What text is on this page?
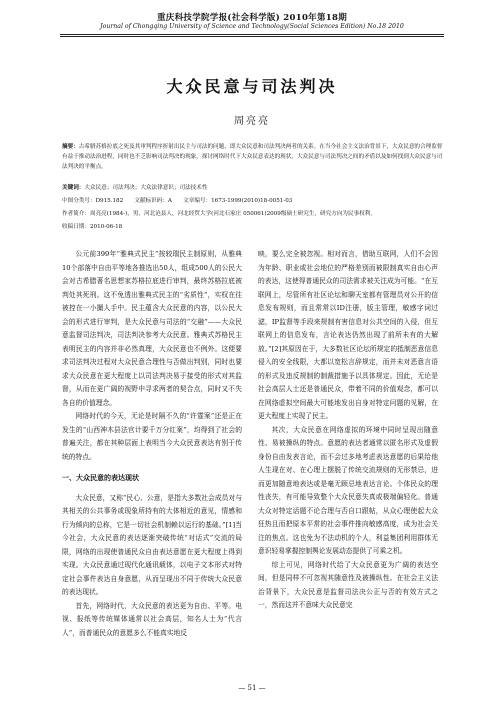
重庆科技学院学报(社会科学版) 2010年第18期
Journal of Chongqing University of Science and Technology(Social Sciences Edition) No.18 2010
大众民意与司法判决
周亮亮
摘要：古希腊苏格拉底之死及其审判程序折射出民主与司法的问题，即大众民意和司法判决两者的关系。在当今社会主义法治背景下，大众民意的合理监督有益于推动法治进程，同时也不乏影响司法判决的现象。探讨网络时代下大众民意表达的现状，大众民意与司法判决之间的矛盾以及如何找到大众民意与司法判决的平衡点。
关键词：大众民意；司法判决；大众法律意识；司法技术性
中图分类号：D915.182　　文献标识码：A　　文章编号：1673-1999(2010)18-0051-03
作者简介：周亮亮(1984-)，男，河北沧县人，河北经贸大学(河北石家庄 050061)2009级硕士研究生，研究方向为民事权利。
收稿日期：2010-06-18

公元前399年“雅典式民主”按较瑞民主制原则，从雅典10个部落中自由平等地各推选出50人，组成500人的公民大会对古希腊著名思想家苏格拉底进行审判，最终苏格拉底被判处其死刑。这不免透出雅典式民主的“劣质性”，实权在往被控在一小撮人手中。民主蕴含大众民意的内容，以公民大会的形式进行审判，是大众民意与司法的“交融”——大众民意监督司法判决，司法判决参考大众民意。雅典式苏格民主表明民主的内容并非必然真理，大众民意也不例外。这便要求司法判决过程对大众民意合理性与否做出判别，同时也要求大众民意在更大程度上以司法判决易于接受的形式对其监督，从而在更广阔的视野中寻求两者的契合点，同时又不失各自的价值理念。

网络时代的今天，无论是时隔不久的“许霆案”还是正在发生的“山西神木县法官计要千万分红案”，均得到了社会的普遍关注，都在其种层面上表明当今大众民意表达有别于传统的特点。

一、大众民意的表达现状

大众民意，又称“民心、公意，是指大多数社会成员对与其相关的公共事务或现象所持有的大体相近的意见，情感和行为倾向的总称，它是一切社会机制赖以运行的基础。”[1]当今社会，大众民意的表达逐渐突破传统“对话式”交流的局限，网络的出现使普通民众自由表达意愿在更大程度上得到实现。大众民意通过现代化通讯载体，以电子文本形式对特定社会事件表达自身意愿，从而呈现出不同于传统大众民意的表达现状。

首先，网络时代，大众民意的表达更为自由、平等。电视、报纸等传统媒体通常以社会高层，知名人士为“代言人”，而普通民众的意愿多么不能真实地反

映，要么完全被忽视。相对而言，借助互联网，人们不会因为年龄、职业或社会地位的严格差别而被限制真实自由心声的表达，这使得普通民众的司法需求被关注成为可能。“在互联网上，尽管所有社区论坛和聊天室都有管理员对公开的信息发布规则，而且常常以ID注册，版主管理，敏感字词过滤，IP监督等手段来规制有害信息对公共空间的入侵，但互联网上的信息发布，言论表达仍然出现了前所未有的大解放。”[2]其原因在于，大多数社区论坛所规定的抵制恶意信息侵入的安全线限，大都以宽松言辞规定，而并未对恶意言语的形式及违反规制的制裁措施予以具体规定。因此，无论是社会高层人士还是普通民众，带着不同的价值观念，都可以在网络虚拟空间最大可能地发出自身对特定问题的见解，在更大程度上实现了民主。

其次，大众民意在网络虚拟的环境中同时呈现出随意性、易被操纵的特点。意愿的表达者通常以匿名形式及虚假身份自由发表言论，而不会过多地考虑表达意愿的后果给他人生现在对、在心理上摆脱了传统交流规则的无形禁忌，进而更加随意地表达或是毫无顾忌地表达言论。个体民众的理性丧失，有可能导致整个大众民意失真或极端偏轻化。普通大众对特定话题不论合理与否自口跟帖，从众心理使起大众狂热且而把原本平常的社会事件推向敏感高度，成为社会关注的焦点。这也免为不法动机的个人，利益集团利用群体无意识轻易掌握控制舆论发展动态提供了可乘之机。

综上可见，网络时代给了大众民意更为广阔的表达空间，但是同样不可忽视其随意性及被操纵性。在社会主义法治背景下，大众民意是监督司法决公正与否的有效方式之一，然而这并不意味大众民意完

— 51 —
